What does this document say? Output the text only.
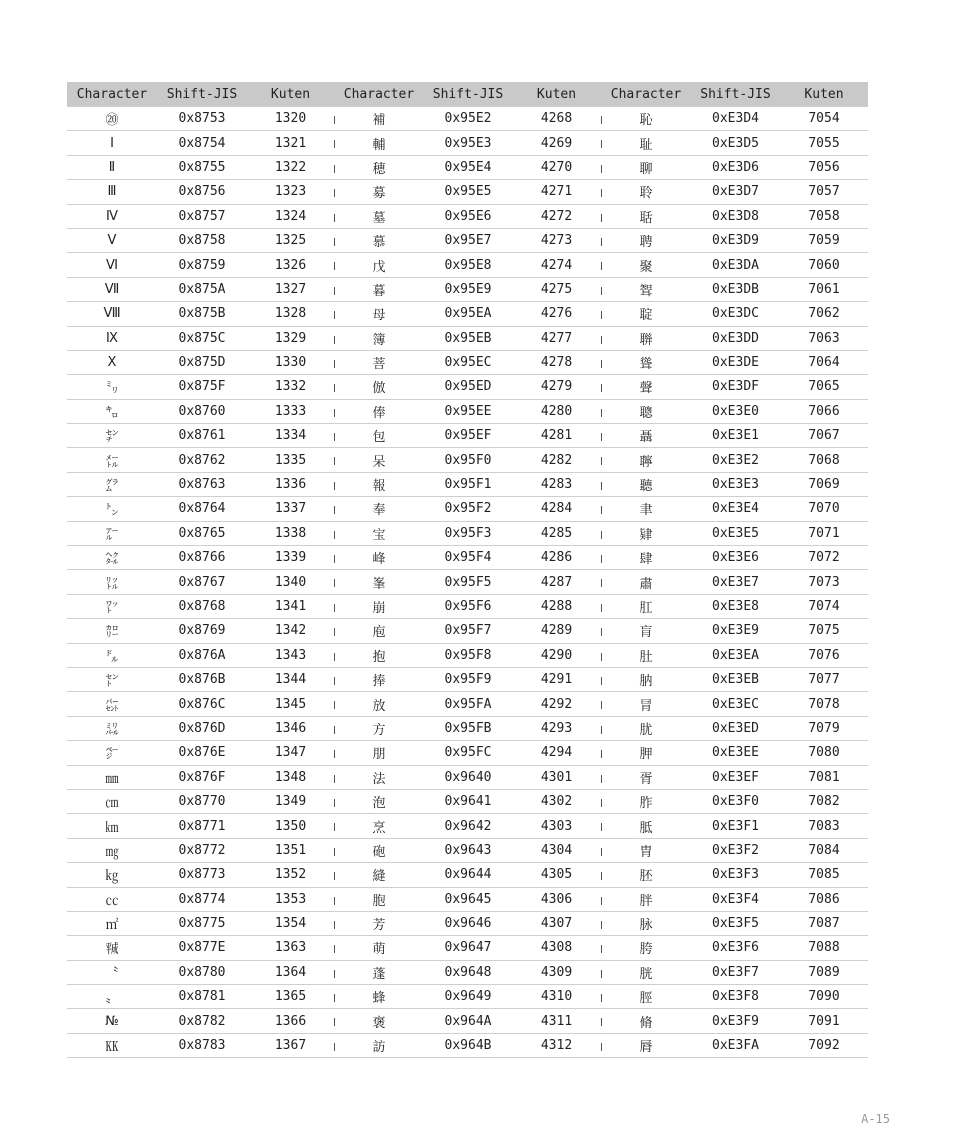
Character	Shift-JIS	Kuten	Character	Shift-JIS	Kuten	Character	Shift-JIS	Kuten
⑳	0x8753	1320	補	0x95E2	4268	恥	0xE3D4	7054
Ⅰ	0x8754	1321	輔	0x95E3	4269	耻	0xE3D5	7055
Ⅱ	0x8755	1322	穂	0x95E4	4270	聊	0xE3D6	7056
Ⅲ	0x8756	1323	募	0x95E5	4271	聆	0xE3D7	7057
Ⅳ	0x8757	1324	墓	0x95E6	4272	聒	0xE3D8	7058
Ⅴ	0x8758	1325	慕	0x95E7	4273	聘	0xE3D9	7059
Ⅵ	0x8759	1326	戊	0x95E8	4274	聚	0xE3DA	7060
Ⅶ	0x875A	1327	暮	0x95E9	4275	聟	0xE3DB	7061
Ⅷ	0x875B	1328	母	0x95EA	4276	聢	0xE3DC	7062
Ⅸ	0x875C	1329	簿	0x95EB	4277	聨	0xE3DD	7063
Ⅹ	0x875D	1330	菩	0x95EC	4278	聳	0xE3DE	7064
㍉	0x875F	1332	倣	0x95ED	4279	聲	0xE3DF	7065
㌔	0x8760	1333	俸	0x95EE	4280	聰	0xE3E0	7066
㌢	0x8761	1334	包	0x95EF	4281	聶	0xE3E1	7067
㍍	0x8762	1335	呆	0x95F0	4282	聹	0xE3E2	7068
㌘	0x8763	1336	報	0x95F1	4283	聽	0xE3E3	7069
㌧	0x8764	1337	奉	0x95F2	4284	聿	0xE3E4	7070
㌃	0x8765	1338	宝	0x95F3	4285	肄	0xE3E5	7071
㌶	0x8766	1339	峰	0x95F4	4286	肆	0xE3E6	7072
㍑	0x8767	1340	峯	0x95F5	4287	肅	0xE3E7	7073
㍗	0x8768	1341	崩	0x95F6	4288	肛	0xE3E8	7074
㌍	0x8769	1342	庖	0x95F7	4289	肓	0xE3E9	7075
㌦	0x876A	1343	抱	0x95F8	4290	肚	0xE3EA	7076
㌣	0x876B	1344	捧	0x95F9	4291	肭	0xE3EB	7077
㌫	0x876C	1345	放	0x95FA	4292	冐	0xE3EC	7078
㍊	0x876D	1346	方	0x95FB	4293	肬	0xE3ED	7079
㌻	0x876E	1347	朋	0x95FC	4294	胛	0xE3EE	7080
㎜	0x876F	1348	法	0x9640	4301	胥	0xE3EF	7081
㎝	0x8770	1349	泡	0x9641	4302	胙	0xE3F0	7082
㎞	0x8771	1350	烹	0x9642	4303	胝	0xE3F1	7083
㎎	0x8772	1351	砲	0x9643	4304	胄	0xE3F2	7084
㎏	0x8773	1352	縫	0x9644	4305	胚	0xE3F3	7085
㏄	0x8774	1353	胞	0x9645	4306	胖	0xE3F4	7086
㎡	0x8775	1354	芳	0x9646	4307	脉	0xE3F5	7087
㍻	0x877E	1363	萌	0x9647	4308	胯	0xE3F6	7088
〝	0x8780	1364	蓬	0x9648	4309	胱	0xE3F7	7089
〟	0x8781	1365	蜂	0x9649	4310	脛	0xE3F8	7090
№	0x8782	1366	褒	0x964A	4311	脩	0xE3F9	7091
㏍	0x8783	1367	訪	0x964B	4312	脣	0xE3FA	7092
A-15
